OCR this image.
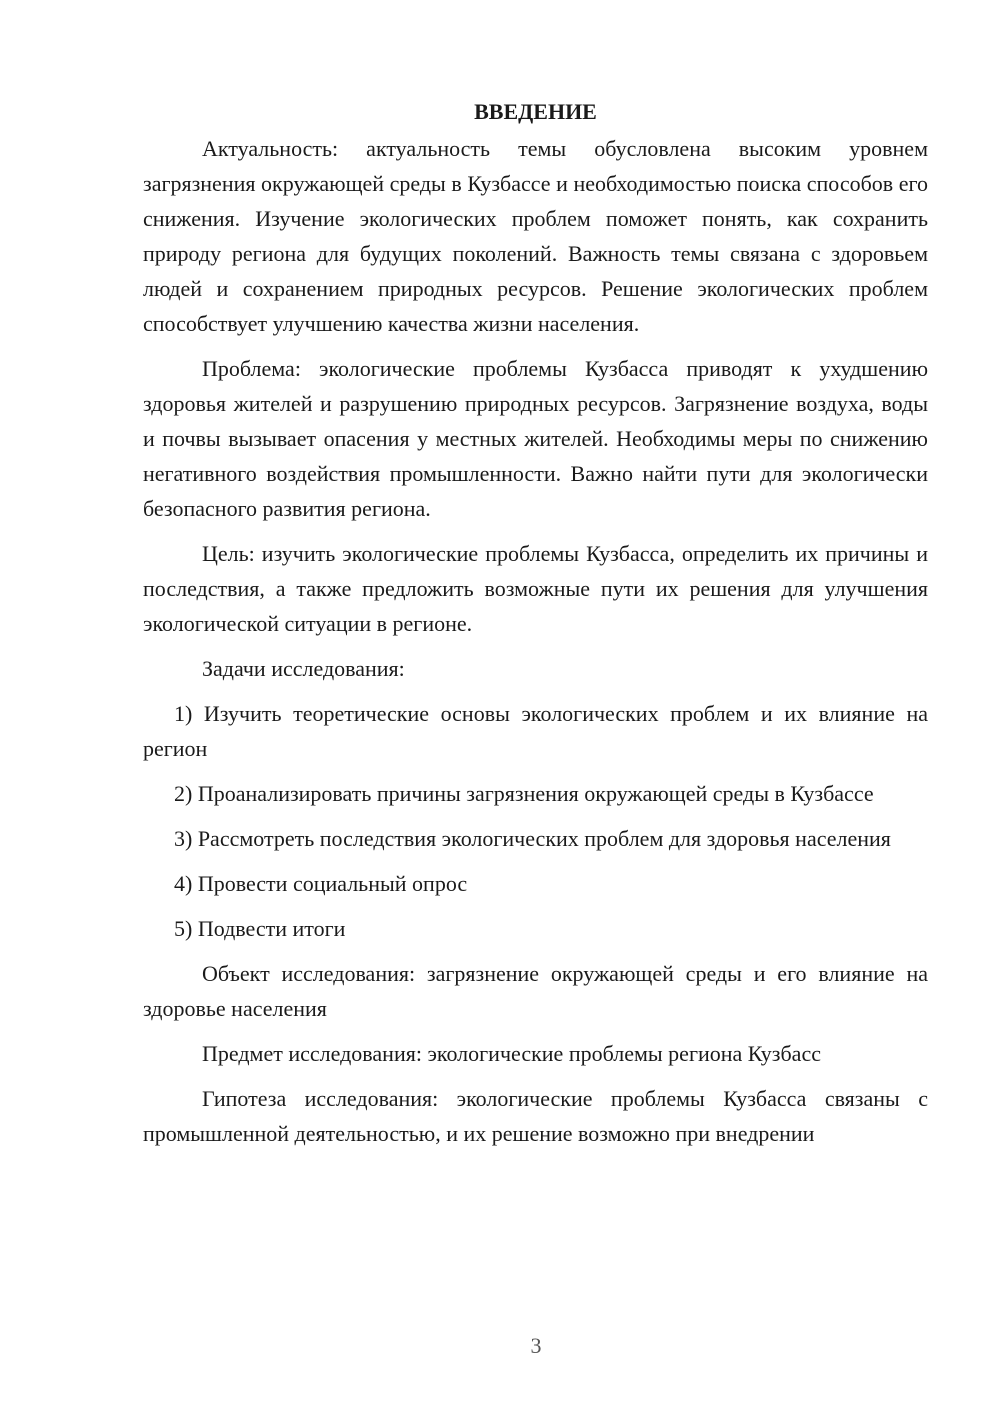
ВВЕДЕНИЕ

Актуальность: актуальность темы обусловлена высоким уровнем загрязнения окружающей среды в Кузбассе и необходимостью поиска способов его снижения. Изучение экологических проблем поможет понять, как сохранить природу региона для будущих поколений. Важность темы связана с здоровьем людей и сохранением природных ресурсов. Решение экологических проблем способствует улучшению качества жизни населения.

Проблема: экологические проблемы Кузбасса приводят к ухудшению здоровья жителей и разрушению природных ресурсов. Загрязнение воздуха, воды и почвы вызывает опасения у местных жителей. Необходимы меры по снижению негативного воздействия промышленности. Важно найти пути для экологически безопасного развития региона.

Цель: изучить экологические проблемы Кузбасса, определить их причины и последствия, а также предложить возможные пути их решения для улучшения экологической ситуации в регионе.

Задачи исследования:

1) Изучить теоретические основы экологических проблем и их влияние на регион

2) Проанализировать причины загрязнения окружающей среды в Кузбассе

3) Рассмотреть последствия экологических проблем для здоровья населения

4) Провести социальный опрос

5) Подвести итоги

Объект исследования: загрязнение окружающей среды и его влияние на здоровье населения

Предмет исследования: экологические проблемы региона Кузбасс

Гипотеза исследования: экологические проблемы Кузбасса связаны с промышленной деятельностью, и их решение возможно при внедрении

3
